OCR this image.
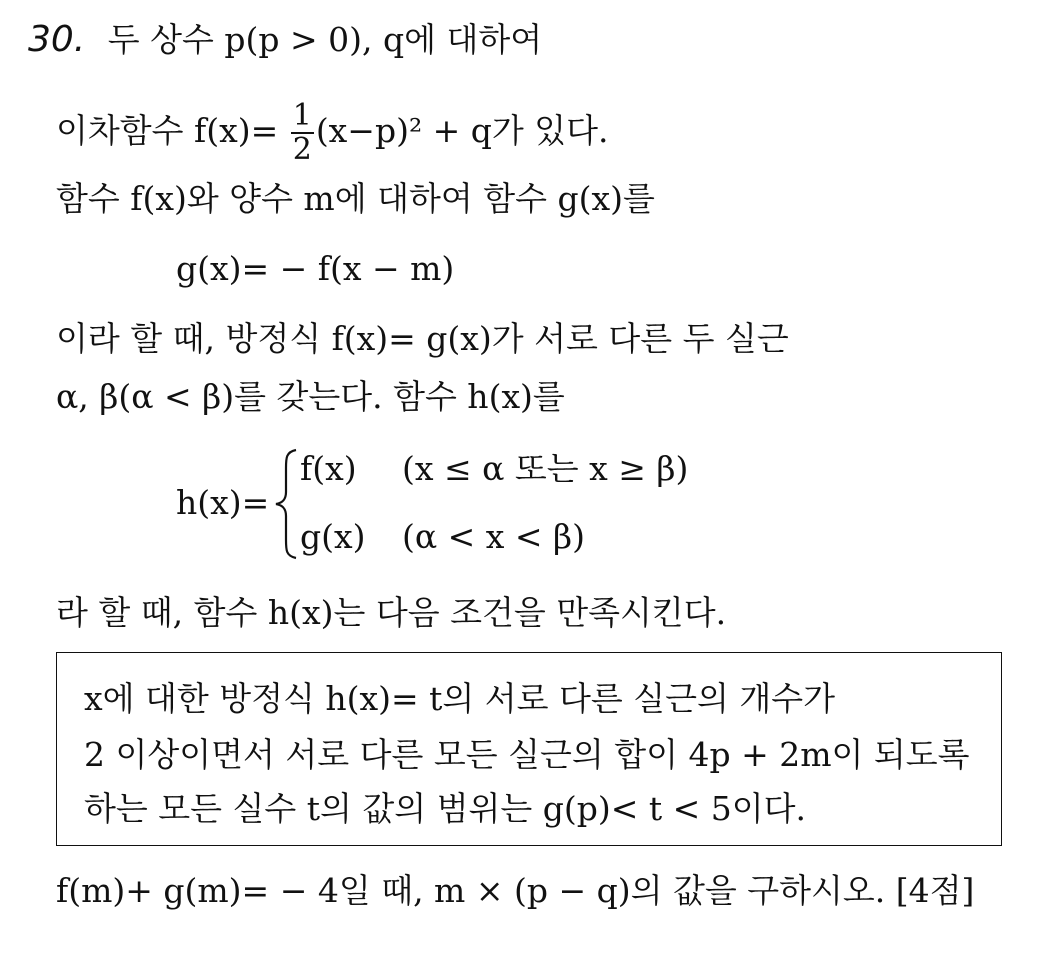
30. 두 상수 p(p > 0), q에 대하여
이차함수 $f(x)= \frac{1}{2} (x-p)^2 + q$가 있다.
함수 f(x)와 양수 m에 대하여 함수 g(x)를
g(x)= − f(x − m)
이라 할 때, 방정식 f(x)= g(x)가 서로 다른 두 실근
α, β(α < β)를 갖는다. 함수 h(x)를
h(x)=
f(x) (x ≤ α 또는 x ≥ β)
g(x) (α < x < β)
라 할 때, 함수 h(x)는 다음 조건을 만족시킨다.
x에 대한 방정식 h(x)= t의 서로 다른 실근의 개수가
2 이상이면서 서로 다른 모든 실근의 합이 4p + 2m이 되도록
하는 모든 실수 t의 값의 범위는 g(p)< t < 5이다.
f(m)+ g(m)= − 4일 때, m × (p − q)의 값을 구하시오. [4점]
